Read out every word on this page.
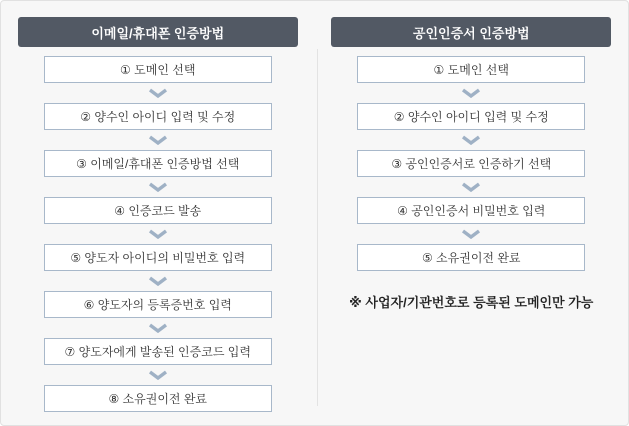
이메일/휴대폰 인증방법
① 도메인 선택
② 양수인 아이디 입력 및 수정
③ 이메일/휴대폰 인증방법 선택
④ 인증코드 발송
⑤ 양도자 아이디의 비밀번호 입력
⑥ 양도자의 등록증번호 입력
⑦ 양도자에게 발송된 인증코드 입력
⑧ 소유권이전 완료
공인인증서 인증방법
① 도메인 선택
② 양수인 아이디 입력 및 수정
③ 공인인증서로 인증하기 선택
④ 공인인증서 비밀번호 입력
⑤ 소유권이전 완료
※ 사업자/기관번호로 등록된 도메인만 가능
